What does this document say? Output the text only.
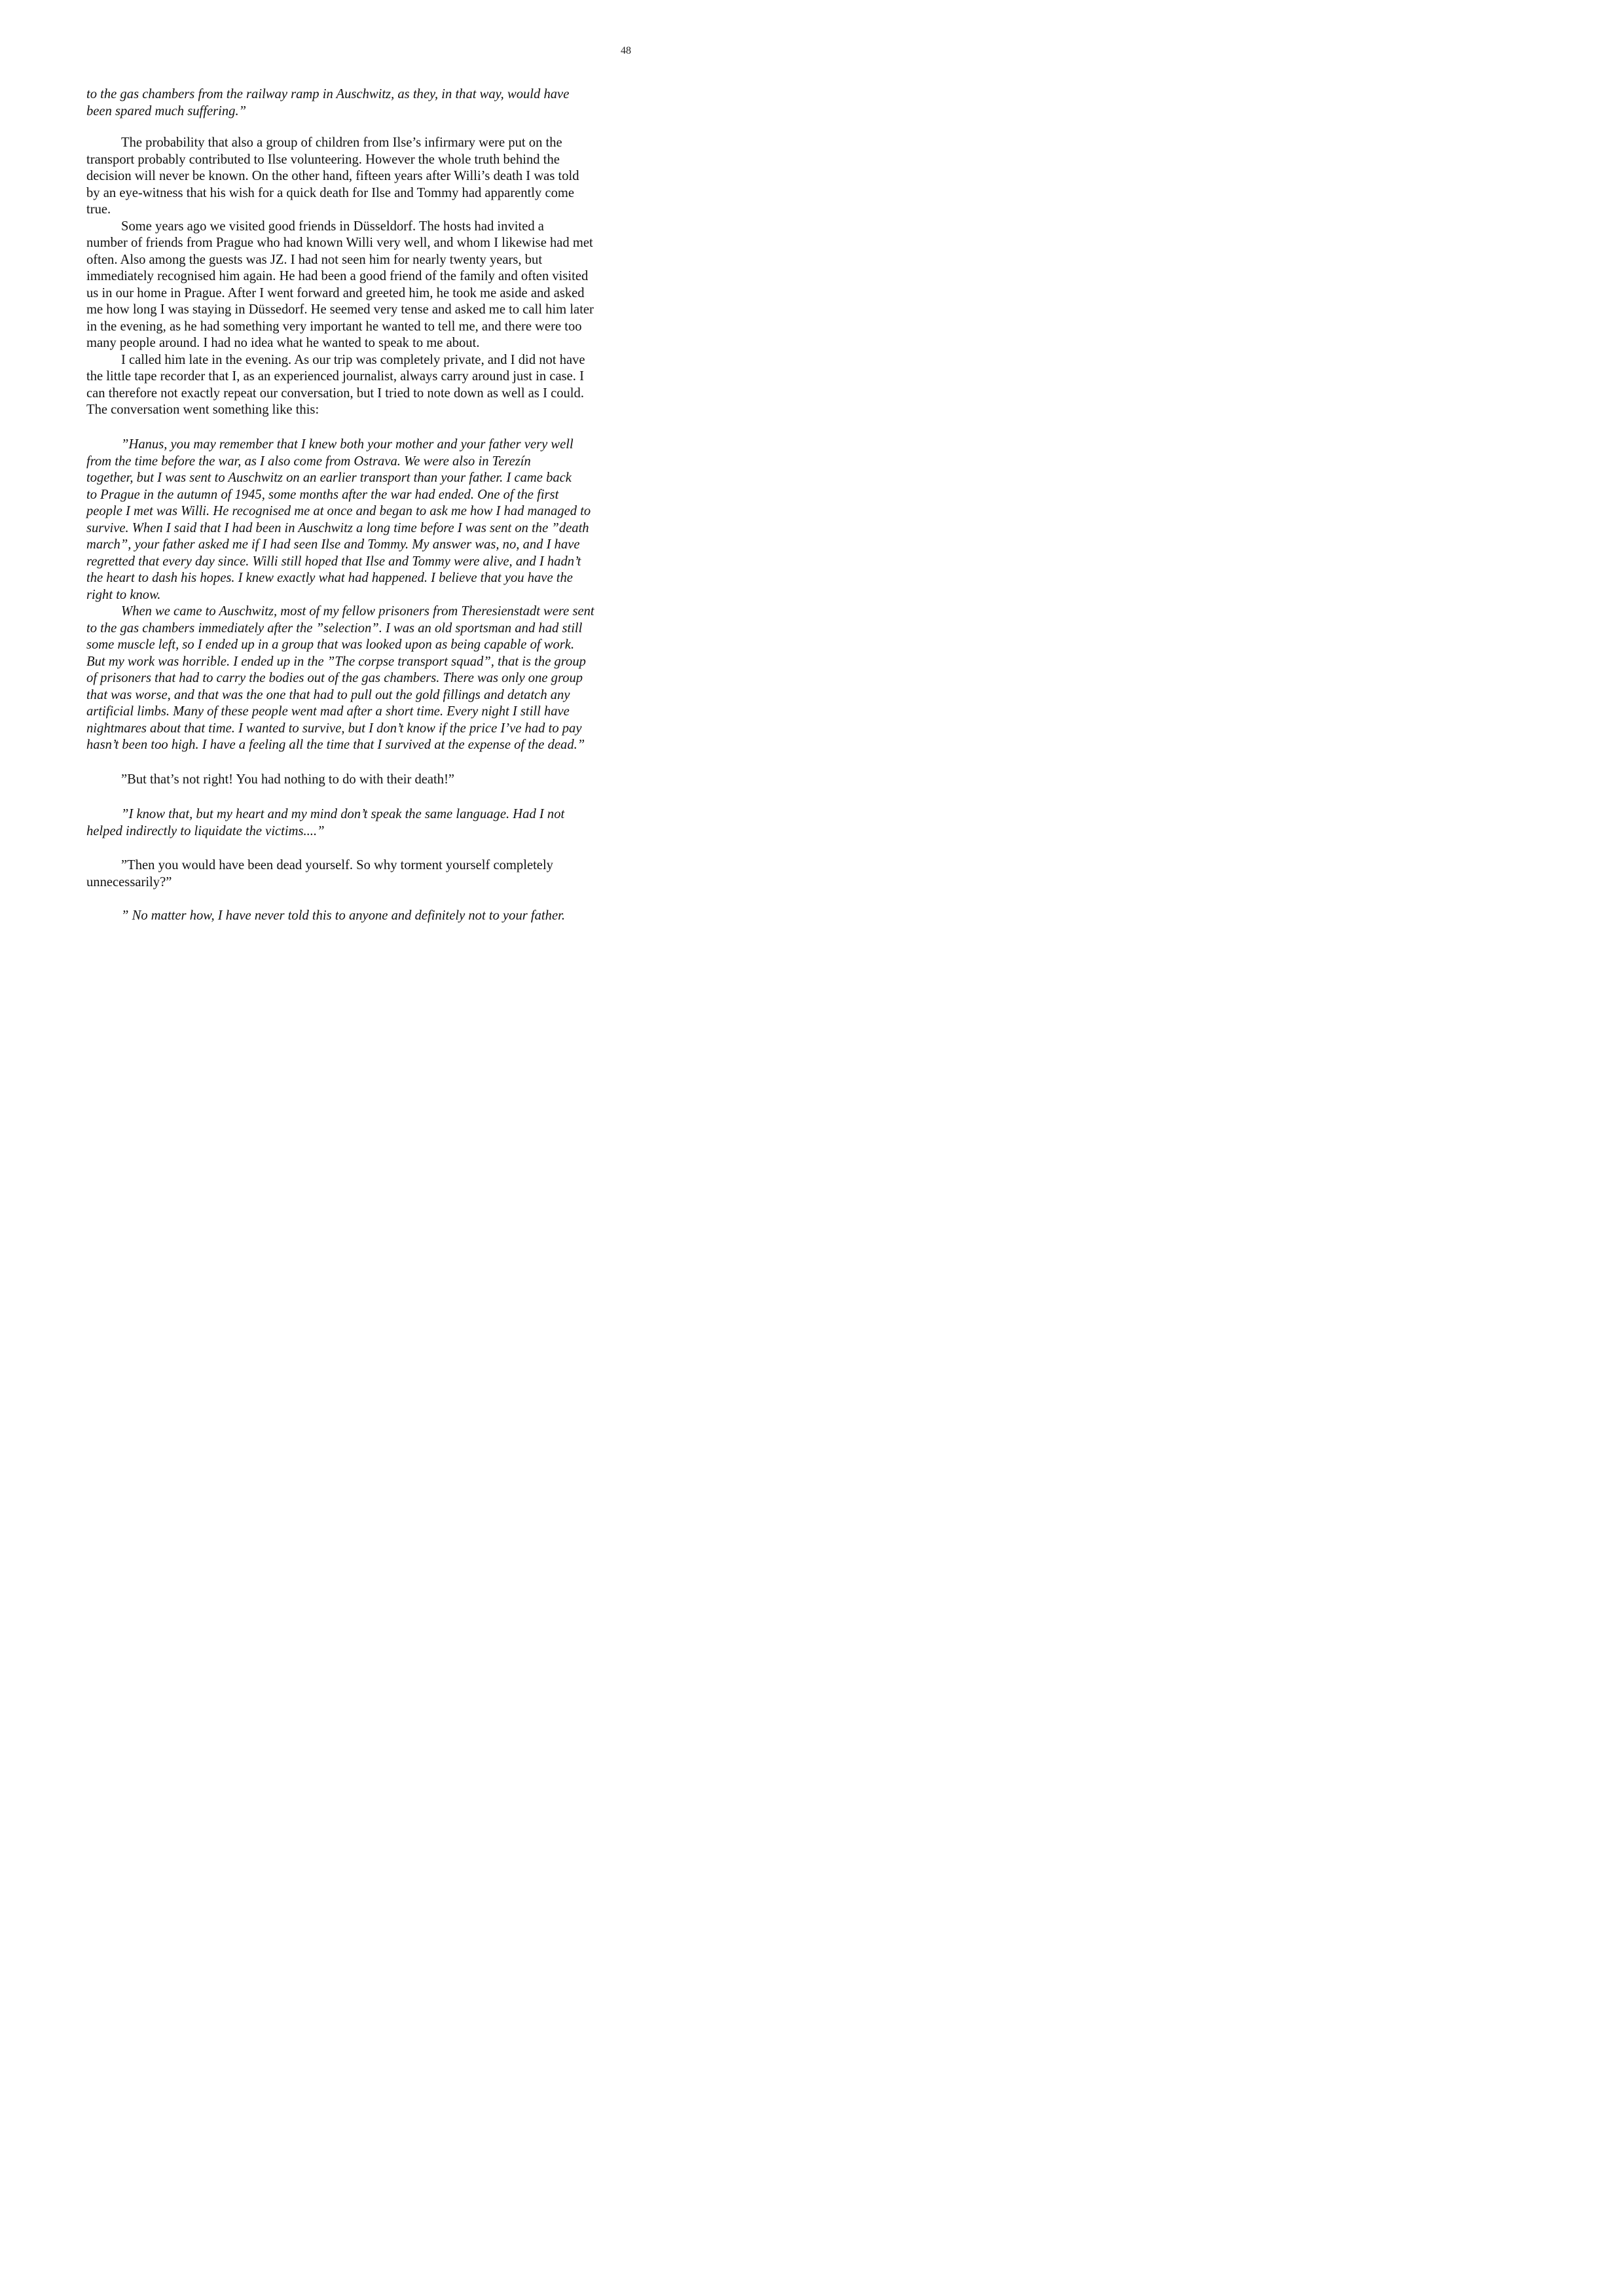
48
to the gas chambers from the railway ramp in Auschwitz, as they, in that way, would have
been spared much suffering.”
The probability that also a group of children from Ilse’s infirmary were put on the
transport probably contributed to Ilse volunteering. However the whole truth behind the
decision will never be known. On the other hand, fifteen years after Willi’s death I was told
by an eye-witness that his wish for a quick death for Ilse and Tommy had apparently come
true.
Some years ago we visited good friends in Düsseldorf. The hosts had invited a
number of friends from Prague who had known Willi very well, and whom I likewise had met
often. Also among the guests was JZ. I had not seen him for nearly twenty years, but
immediately recognised him again. He had been a good friend of the family and often visited
us in our home in Prague. After I went forward and greeted him, he took me aside and asked
me how long I was staying in Düssedorf. He seemed very tense and asked me to call him later
in the evening, as he had something very important he wanted to tell me, and there were too
many people around. I had no idea what he wanted to speak to me about.
I called him late in the evening. As our trip was completely private, and I did not have
the little tape recorder that I, as an experienced journalist, always carry around just in case. I
can therefore not exactly repeat our conversation, but I tried to note down as well as I could.
The conversation went something like this:
”Hanus, you may remember that I knew both your mother and your father very well
from the time before the war, as I also come from Ostrava. We were also in Terezín
together, but I was sent to Auschwitz on an earlier transport than your father. I came back
to Prague in the autumn of 1945, some months after the war had ended. One of the first
people I met was Willi. He recognised me at once and began to ask me how I had managed to
survive. When I said that I had been in Auschwitz a long time before I was sent on the ”death
march”, your father asked me if I had seen Ilse and Tommy. My answer was, no, and I have
regretted that every day since. Willi still hoped that Ilse and Tommy were alive, and I hadn’t
the heart to dash his hopes. I knew exactly what had happened. I believe that you have the
right to know.
When we came to Auschwitz, most of my fellow prisoners from Theresienstadt were sent
to the gas chambers immediately after the ”selection”. I was an old sportsman and had still
some muscle left, so I ended up in a group that was looked upon as being capable of work.
But my work was horrible. I ended up in the ”The corpse transport squad”, that is the group
of prisoners that had to carry the bodies out of the gas chambers. There was only one group
that was worse, and that was the one that had to pull out the gold fillings and detatch any
artificial limbs. Many of these people went mad after a short time. Every night I still have
nightmares about that time. I wanted to survive, but I don’t know if the price I’ve had to pay
hasn’t been too high. I have a feeling all the time that I survived at the expense of the dead.”
”But that’s not right! You had nothing to do with their death!”
”I know that, but my heart and my mind don’t speak the same language. Had I not
helped indirectly to liquidate the victims....”
”Then you would have been dead yourself. So why torment yourself completely
unnecessarily?”
” No matter how, I have never told this to anyone and definitely not to your father.
